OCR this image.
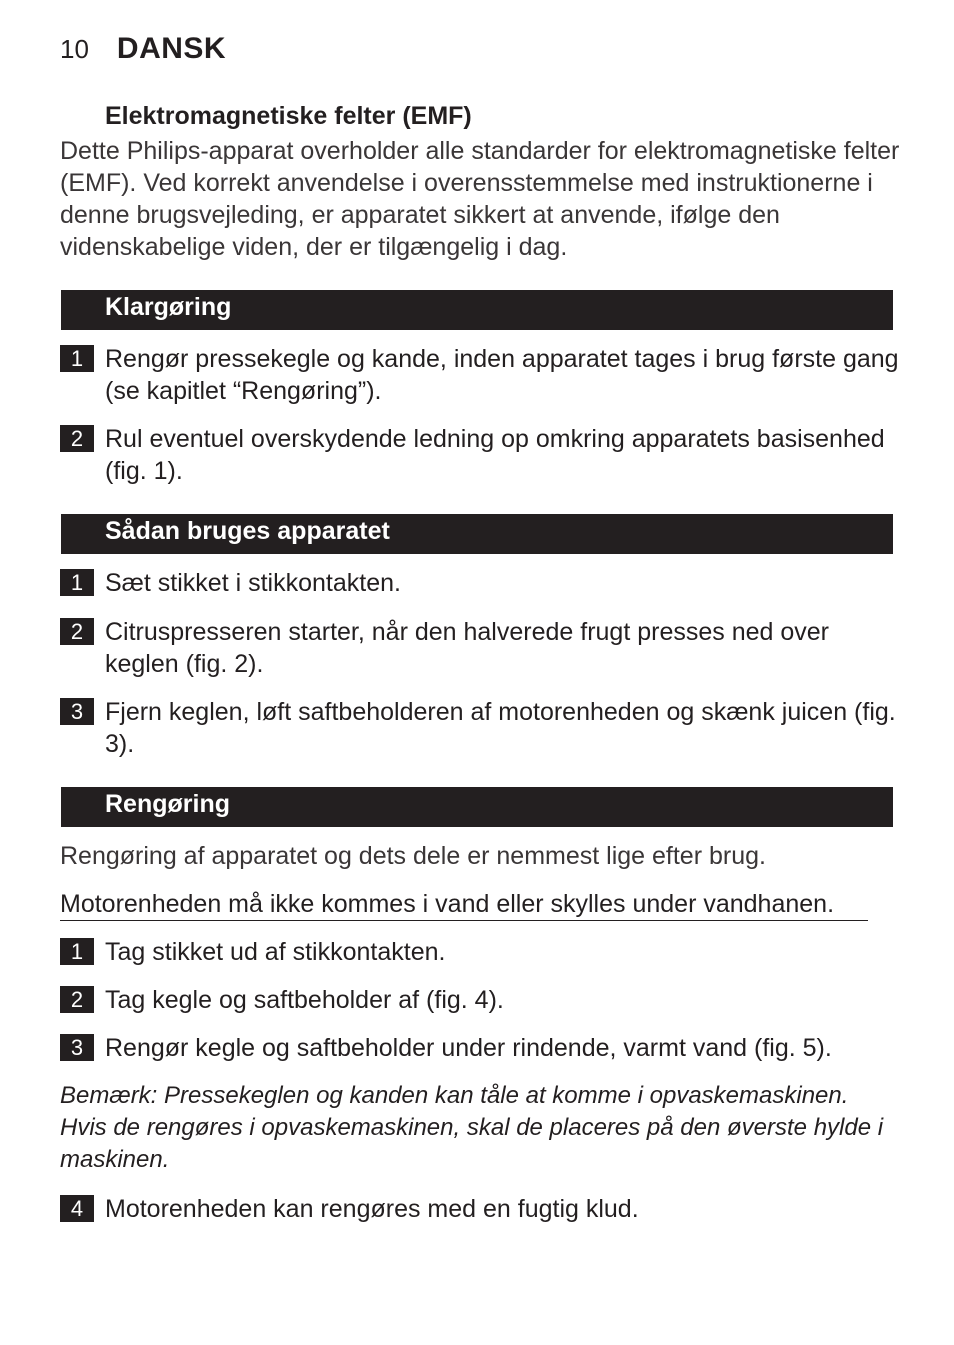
10 DANSK
Elektromagnetiske felter (EMF)
Dette Philips-apparat overholder alle standarder for elektromagnetiske felter (EMF). Ved korrekt anvendelse i overensstemmelse med instruktionerne i denne brugsvejleding, er apparatet sikkert at anvende, ifølge den videnskabelige viden, der er tilgængelig i dag.
Klargøring
1 Rengør pressekegle og kande, inden apparatet tages i brug første gang (se kapitlet “Rengøring”).
2 Rul eventuel overskydende ledning op omkring apparatets basisenhed (fig. 1).
Sådan bruges apparatet
1 Sæt stikket i stikkontakten.
2 Citruspresseren starter, når den halverede frugt presses ned over keglen (fig. 2).
3 Fjern keglen, løft saftbeholderen af motorenheden og skænk juicen (fig. 3).
Rengøring
Rengøring af apparatet og dets dele er nemmest lige efter brug.
Motorenheden må ikke kommes i vand eller skylles under vandhanen.
1 Tag stikket ud af stikkontakten.
2 Tag kegle og saftbeholder af (fig. 4).
3 Rengør kegle og saftbeholder under rindende, varmt vand (fig. 5).
Bemærk: Pressekeglen og kanden kan tåle at komme i opvaskemaskinen. Hvis de rengøres i opvaskemaskinen, skal de placeres på den øverste hylde i maskinen.
4 Motorenheden kan rengøres med en fugtig klud.
